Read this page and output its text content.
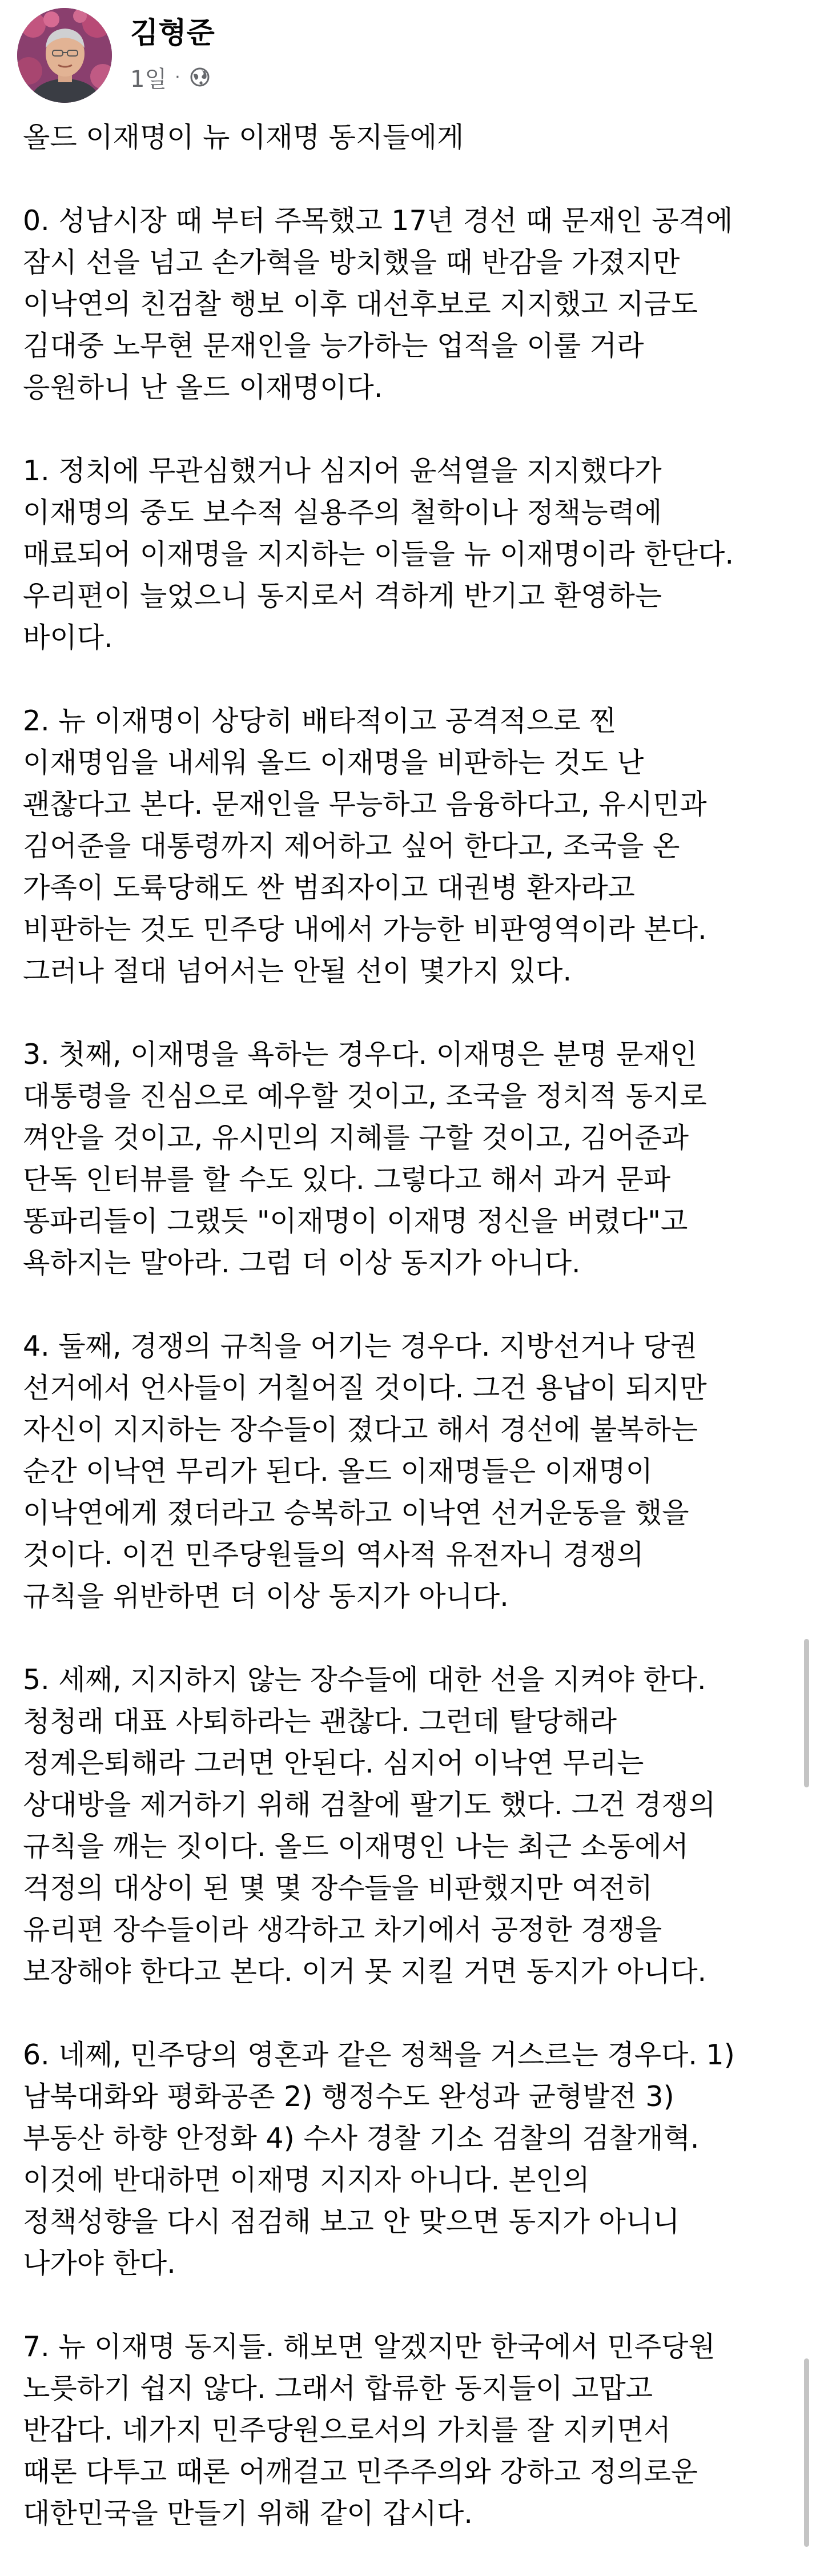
김형준
1일 ·
올드 이재명이 뉴 이재명 동지들에게
0. 성남시장 때 부터 주목했고 17년 경선 때 문재인 공격에
잠시 선을 넘고 손가혁을 방치했을 때 반감을 가졌지만
이낙연의 친검찰 행보 이후 대선후보로 지지했고 지금도
김대중 노무현 문재인을 능가하는 업적을 이룰 거라
응원하니 난 올드 이재명이다.
1. 정치에 무관심했거나 심지어 윤석열을 지지했다가
이재명의 중도 보수적 실용주의 철학이나 정책능력에
매료되어 이재명을 지지하는 이들을 뉴 이재명이라 한단다.
우리편이 늘었으니 동지로서 격하게 반기고 환영하는
바이다.
2. 뉴 이재명이 상당히 배타적이고 공격적으로 찐
이재명임을 내세워 올드 이재명을 비판하는 것도 난
괜찮다고 본다. 문재인을 무능하고 음융하다고, 유시민과
김어준을 대통령까지 제어하고 싶어 한다고, 조국을 온
가족이 도륙당해도 싼 범죄자이고 대권병 환자라고
비판하는 것도 민주당 내에서 가능한 비판영역이라 본다.
그러나 절대 넘어서는 안될 선이 몇가지 있다.
3. 첫째, 이재명을 욕하는 경우다. 이재명은 분명 문재인
대통령을 진심으로 예우할 것이고, 조국을 정치적 동지로
껴안을 것이고, 유시민의 지혜를 구할 것이고, 김어준과
단독 인터뷰를 할 수도 있다. 그렇다고 해서 과거 문파
똥파리들이 그랬듯 "이재명이 이재명 정신을 버렸다"고
욕하지는 말아라. 그럼 더 이상 동지가 아니다.
4. 둘째, 경쟁의 규칙을 어기는 경우다. 지방선거나 당권
선거에서 언사들이 거칠어질 것이다. 그건 용납이 되지만
자신이 지지하는 장수들이 졌다고 해서 경선에 불복하는
순간 이낙연 무리가 된다. 올드 이재명들은 이재명이
이낙연에게 졌더라고 승복하고 이낙연 선거운동을 했을
것이다. 이건 민주당원들의 역사적 유전자니 경쟁의
규칙을 위반하면 더 이상 동지가 아니다.
5. 세째, 지지하지 않는 장수들에 대한 선을 지켜야 한다.
청청래 대표 사퇴하라는 괜찮다. 그런데 탈당해라
정계은퇴해라 그러면 안된다. 심지어 이낙연 무리는
상대방을 제거하기 위해 검찰에 팔기도 했다. 그건 경쟁의
규칙을 깨는 짓이다. 올드 이재명인 나는 최근 소동에서
걱정의 대상이 된 몇 몇 장수들을 비판했지만 여전히
유리편 장수들이라 생각하고 차기에서 공정한 경쟁을
보장해야 한다고 본다. 이거 못 지킬 거면 동지가 아니다.
6. 네쩨, 민주당의 영혼과 같은 정책을 거스르는 경우다. 1)
남북대화와 평화공존 2) 행정수도 완성과 균형발전 3)
부동산 하향 안정화 4) 수사 경찰 기소 검찰의 검찰개혁.
이것에 반대하면 이재명 지지자 아니다. 본인의
정책성향을 다시 점검해 보고 안 맞으면 동지가 아니니
나가야 한다.
7. 뉴 이재명 동지들. 해보면 알겠지만 한국에서 민주당원
노릇하기 쉽지 않다. 그래서 합류한 동지들이 고맙고
반갑다. 네가지 민주당원으로서의 가치를 잘 지키면서
때론 다투고 때론 어깨걸고 민주주의와 강하고 정의로운
대한민국을 만들기 위해 같이 갑시다.
